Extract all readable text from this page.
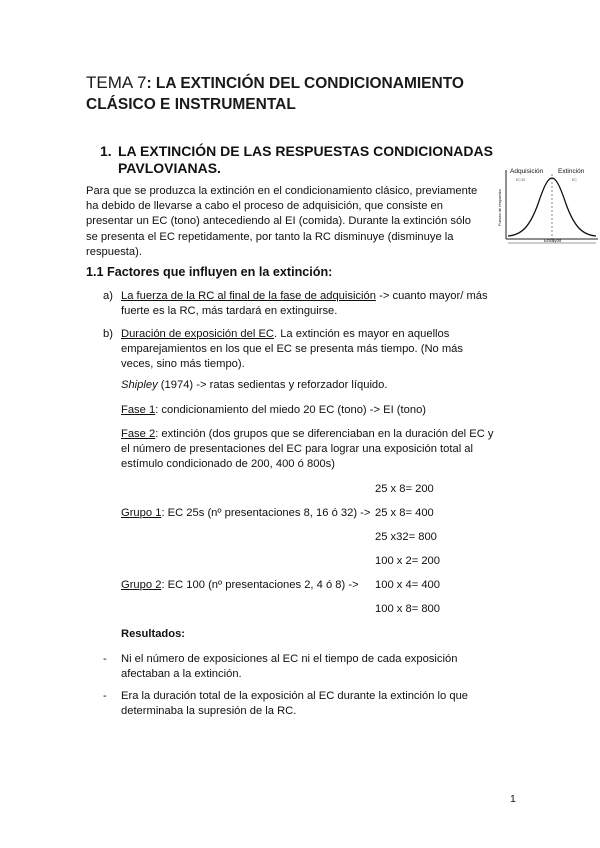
TEMA 7: LA EXTINCIÓN DEL CONDICIONAMIENTO CLÁSICO E INSTRUMENTAL
1. LA EXTINCIÓN DE LAS RESPUESTAS CONDICIONADAS
PAVLOVIANAS.
Para que se produzca la extinción en el condicionamiento clásico, previamente ha debido de llevarse a cabo el proceso de adquisición, que consiste en presentar un EC (tono) antecediendo al EI (comida). Durante la extinción sólo se presenta el EC repetidamente, por tanto la RC disminuye (disminuye la respuesta).
Adquisición Extinción
EC-EI	EC
Fuerza de respuesta
Ensayos
1.1 Factores que influyen en la extinción:
a) La fuerza de la RC al final de la fase de adquisición -> cuanto mayor/ más fuerte es la RC, más tardará en extinguirse.
b) Duración de exposición del EC. La extinción es mayor en aquellos emparejamientos en los que el EC se presenta más tiempo. (No más veces, sino más tiempo).
Shipley (1974) -> ratas sedientas y reforzador líquido.
Fase 1: condicionamiento del miedo 20 EC (tono) -> EI (tono)
Fase 2: extinción (dos grupos que se diferenciaban en la duración del EC y el número de presentaciones del EC para lograr una exposición total al estímulo condicionado de 200, 400 ó 800s)
25 x 8= 200
Grupo 1: EC 25s (nº presentaciones 8, 16 ó 32) -> 25 x 8= 400
25 x32= 800
100 x 2= 200
Grupo 2: EC 100 (nº presentaciones 2, 4 ó 8) ->	100 x 4= 400
100 x 8= 800
Resultados:
- Ni el número de exposiciones al EC ni el tiempo de cada exposición afectaban a la extinción.
- Era la duración total de la exposición al EC durante la extinción lo que determinaba la supresión de la RC.
1
